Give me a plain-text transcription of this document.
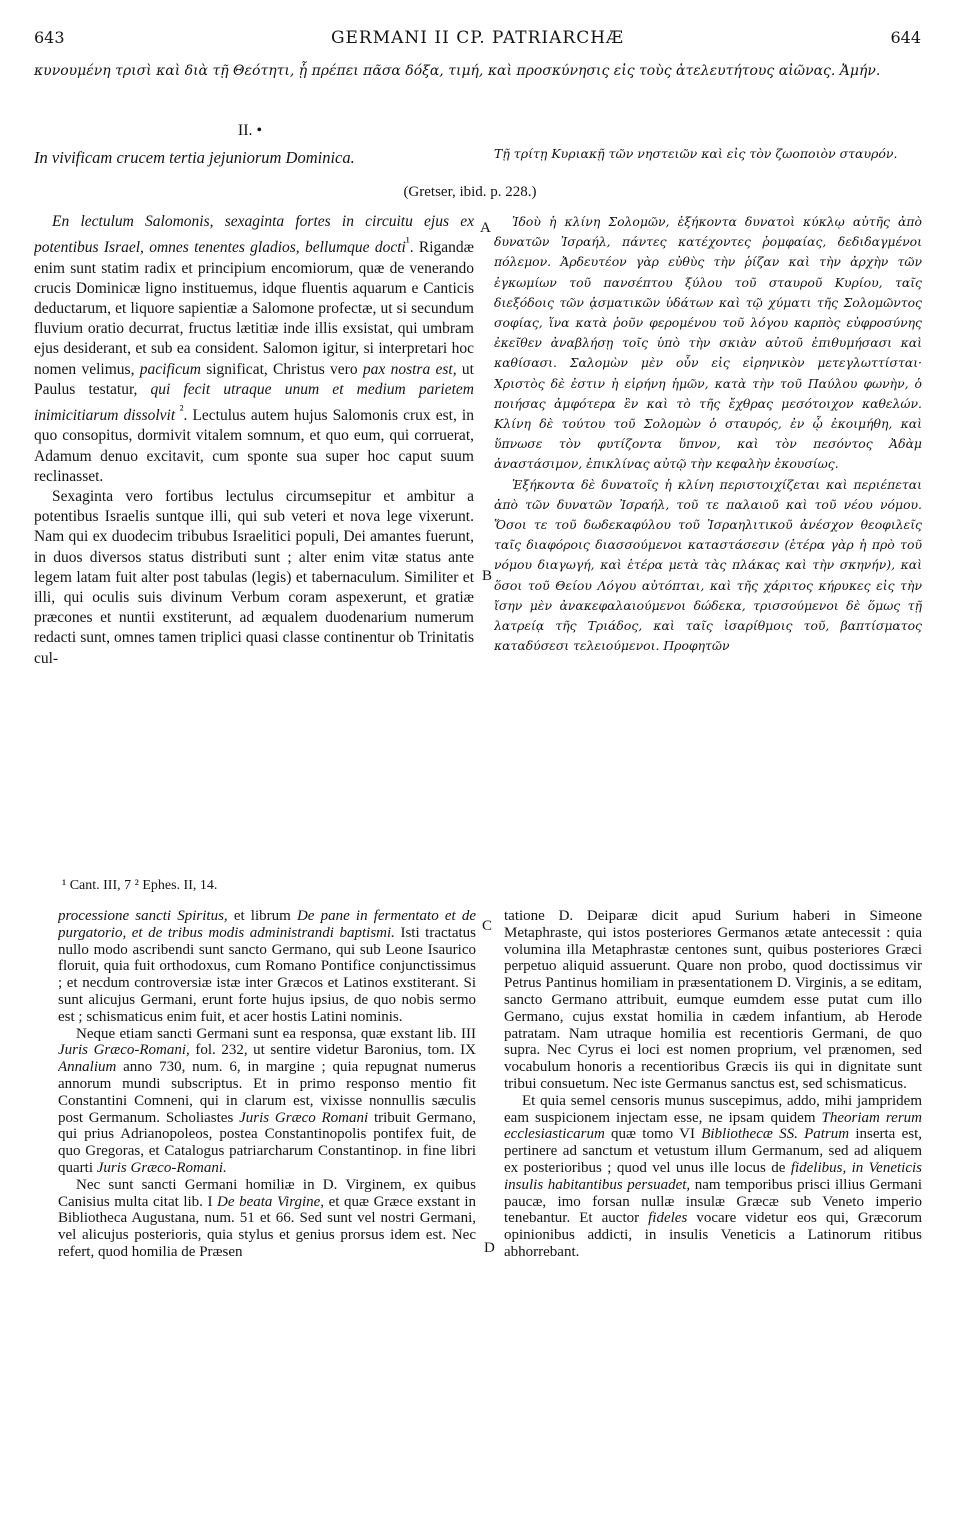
643	GERMANI II CP. PATRIARCHÆ	644
κυνουμένη τρισὶ καὶ διὰ τῇ Θεότητι, ᾗ πρέπει πᾶσα δόξα, τιμή, καὶ προσκύνησις εἰς τοὺς ἀτελευτήτους αἰῶνας. Ἀμήν.
II. •
In vivificam crucem tertia jejuniorum Dominica.	Τῇ τρίτῃ Κυριακῇ τῶν νηστειῶν καὶ εἰς τὸν ζωοποιὸν σταυρόν.
(Gretser, ibid. p. 228.)
A
B
C
D

En lectulum Salomonis, sexaginta fortes in circuitu ejus ex potentibus Israel, omnes tenentes gladios, bellumque docti$^{^1}$. Rigandæ enim sunt statim radix et principium encomiorum, quæ de venerando crucis Dominicæ ligno instituemus, idque fluentis aquarum e Canticis deductarum, et liquore sapientiæ a Salomone profectæ, ut si secundum fluvium oratio decurrat, fructus lætitiæ inde illis exsistat, qui umbram ejus desiderant, et sub ea consident. Salomon igitur, si interpretari hoc nomen velimus, pacificum significat, Christus vero pax nostra est, ut Paulus testatur, qui fecit utraque unum et medium parietem inimicitiarum dissolvit $^{^2}$. Lectulus autem hujus Salomonis crux est, in quo consopitus, dormivit vitalem somnum, et quo eum, qui corruerat, Adamum denuo excitavit, cum sponte sua super hoc caput suum reclinasset.

Sexaginta vero fortibus lectulus circumsepitur et ambitur a potentibus Israelis suntque illi, qui sub veteri et nova lege vixerunt. Nam qui ex duodecim tribubus Israelitici populi, Dei amantes fuerunt, in duos diversos status distributi sunt ; alter enim vitæ status ante legem latam fuit alter post tabulas (legis) et tabernaculum. Similiter et illi, qui oculis suis divinum Verbum coram aspexerunt, et gratiæ præcones et nuntii exstiterunt, ad æqualem duodenarium numerum redacti sunt, omnes tamen triplici quasi classe continentur ob Trinitatis cul-

Ἰδοὺ ἡ κλίνη Σολομῶν, ἑξήκοντα δυνατοὶ κύκλῳ αὐτῆς ἀπὸ δυνατῶν Ἰσραήλ, πάντες κατέχοντες ῥομφαίας, δεδιδαγμένοι πόλεμον. Ἀρδευτέον γὰρ εὐθὺς τὴν ῥίζαν καὶ τὴν ἀρχὴν τῶν ἐγκωμίων τοῦ πανσέπτου ξύλου τοῦ σταυροῦ Κυρίου, ταῖς διεξόδοις τῶν ᾀσματικῶν ὑδάτων καὶ τῷ χύματι τῆς Σολομῶντος σοφίας, ἵνα κατὰ ῥοῦν φερομένου τοῦ λόγου καρπὸς εὐφροσύνης ἐκεῖθεν ἀναβλήσῃ τοῖς ὑπὸ τὴν σκιὰν αὐτοῦ ἐπιθυμήσασι καὶ καθίσασι. Σαλομὼν μὲν οὖν εἰς εἰρηνικὸν μετεγλωττίσται· Χριστὸς δὲ ἐστιν ἡ εἰρήνη ἡμῶν, κατὰ τὴν τοῦ Παύλου φωνὴν, ὁ ποιήσας ἀμφότερα ἓν καὶ τὸ τῆς ἔχθρας μεσότοιχον καθελών. Κλίνη δὲ τούτου τοῦ Σολομὼν ὁ σταυρός, ἐν ᾧ ἐκοιμήθη, καὶ ὕπνωσε τὸν φυτίζοντα ὕπνον, καὶ τὸν πεσόντος Ἀδὰμ ἀναστάσιμον, ἐπικλίνας αὐτῷ τὴν κεφαλὴν ἑκουσίως.

Ἑξήκοντα δὲ δυνατοῖς ἡ κλίνη περιστοιχίζεται καὶ περιέπεται ἀπὸ τῶν δυνατῶν Ἰσραήλ, τοῦ τε παλαιοῦ καὶ τοῦ νέου νόμου. Ὅσοι τε τοῦ δωδεκαφύλου τοῦ Ἰσραηλιτικοῦ ἀνέσχον θεοφιλεῖς ταῖς διαφόροις διασσούμενοι καταστάσεσιν (ἑτέρα γὰρ ἡ πρὸ τοῦ νόμου διαγωγή, καὶ ἑτέρα μετὰ τὰς πλάκας καὶ τὴν σκηνήν), καὶ ὅσοι τοῦ Θείου Λόγου αὐτόπται, καὶ τῆς χάριτος κήρυκες εἰς τὴν ἴσην μὲν ἀνακεφαλαιούμενοι δώδεκα, τρισσούμενοι δὲ ὅμως τῇ λατρείᾳ τῆς Τριάδος, καὶ ταῖς ἰσαρίθμοις τοῦ, βαπτίσματος καταδύσεσι τελειούμενοι. Προφητῶν

¹ Cant. III, 7 ² Ephes. II, 14.

processione sancti Spiritus, et librum De pane in fermentato et de purgatorio, et de tribus modis administrandi baptismi. Isti tractatus nullo modo ascribendi sunt sancto Germano, qui sub Leone Isaurico floruit, quia fuit orthodoxus, cum Romano Pontifice conjunctissimus ; et necdum controversiæ istæ inter Græcos et Latinos exstiterant. Si sunt alicujus Germani, erunt forte hujus ipsius, de quo nobis sermo est ; schismaticus enim fuit, et acer hostis Latini nominis.

Neque etiam sancti Germani sunt ea responsa, quæ exstant lib. III Juris Græco-Romani, fol. 232, ut sentire videtur Baronius, tom. IX Annalium anno 730, num. 6, in margine ; quia repugnat numerus annorum mundi subscriptus. Et in primo responso mentio fit Constantini Comneni, qui in clarum est, vixisse nonnullis sæculis post Germanum. Scholiastes Juris Græco Romani tribuit Germano, qui prius Adrianopoleos, postea Constantinopolis pontifex fuit, de quo Gregoras, et Catalogus patriarcharum Constantinop. in fine libri quarti Juris Græco-Romani.

Nec sunt sancti Germani homiliæ in D. Virginem, ex quibus Canisius multa citat lib. I De beata Virgine, et quæ Græce exstant in Bibliotheca Augustana, num. 51 et 66. Sed sunt vel nostri Germani, vel alicujus posterioris, quia stylus et genius prorsus idem est. Nec refert, quod homilia de Præsen

tatione D. Deiparæ dicit apud Surium haberi in Simeone Metaphraste, qui istos posteriores Germanos ætate antecessit : quia volumina illa Metaphrastæ centones sunt, quibus posteriores Græci perpetuo aliquid assuerunt. Quare non probo, quod doctissimus vir Petrus Pantinus homiliam in præsentationem D. Virginis, a se editam, sancto Germano attribuit, eumque eumdem esse putat cum illo Germano, cujus exstat homilia in cædem infantium, ab Herode patratam. Nam utraque homilia est recentioris Germani, de quo supra. Nec Cyrus ei loci est nomen proprium, vel prænomen, sed vocabulum honoris a recentioribus Græcis iis qui in dignitate sunt tribui consuetum. Nec iste Germanus sanctus est, sed schismaticus.

Et quia semel censoris munus suscepimus, addo, mihi jampridem eam suspicionem injectam esse, ne ipsam quidem Theoriam rerum ecclesiasticarum quæ tomo VI Bibliothecæ SS. Patrum inserta est, pertinere ad sanctum et vetustum illum Germanum, sed ad aliquem ex posterioribus ; quod vel unus ille locus de fidelibus, in Veneticis insulis habitantibus persuadet, nam temporibus prisci illius Germani paucæ, imo forsan nullæ insulæ Græcæ sub Veneto imperio tenebantur. Et auctor fideles vocare videtur eos qui, Græcorum opinionibus addicti, in insulis Veneticis a Latinorum ritibus abhorrebant.
